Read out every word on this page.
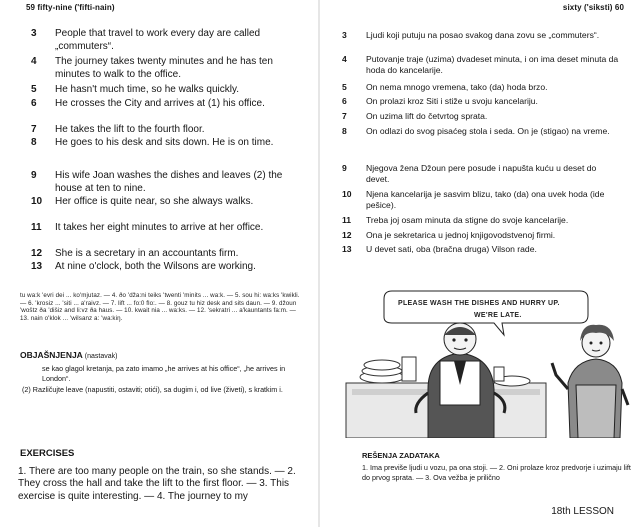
59 fifty-nine ('fifti-nain)
3	People that travel to work every day are called „commuters“.
4	The journey takes twenty minutes and he has ten minutes to walk to the office.
5	He hasn't much time, so he walks quickly.
6	He crosses the City and arrives at (1) his office.
7	He takes the lift to the fourth floor.
8	He goes to his desk and sits down. He is on time.
9	His wife Joan washes the dishes and leaves (2) the house at ten to nine.
10	Her office is quite near, so she always walks.
11	It takes her eight minutes to arrive at her office.
12	She is a secretary in an accountants firm.
13	At nine o'clock, both the Wilsons are working.
tu wa:k 'evri dei ... ko'mjutaz. — 4. ðo 'dža:ni teiks 'twenti 'minits ... wa:k. — 5. sou hi: wa:ks 'kwikli. — 6. 'krosiz ... 'siti ... a'raivz. — 7. lift ... fo:0 flo:. — 8. gouz tu hiz desk and sits daun. — 9. džoun 'woštz ða 'dišiz and li:vz ða haus. — 10. kwait nia ... wa:ks. — 12. 'sekratri ... a'kauntants fa:m. — 13. nain o'klok ... 'wilsanz a: 'wa:kiŋ.
OBJAŠNJENJA (nastavak)
se kao glagol kretanja, pa zato imamo „he arrives at his office“, „he arrives in London“.
(2) Različujte leave (napustiti, ostaviti; otići), sa dugim i, od live (živeti), s kratkim i.
EXERCISES
1. There are too many people on the train, so she stands. — 2. They cross the hall and take the lift to the first floor. — 3. This exercise is quite interesting. — 4. The journey to my
sixty ('siksti) 60
3	Ljudi koji putuju na posao svakog dana zovu se „commuters“.
4	Putovanje traje (uzima) dvadeset minuta, i on ima deset minuta da hoda do kancelarije.
5	On nema mnogo vremena, tako (da) hoda brzo.
6	On prolazi kroz Siti i stiže u svoju kancelariju.
7	On uzima lift do četvrtog sprata.
8	On odlazi do svog pisaćeg stola i seda. On je (stigao) na vreme.
9	Njegova žena Džoun pere posude i napušta kuću u deset do devet.
10	Njena kancelarija je sasvim blizu, tako (da) ona uvek hoda (ide pešice).
11	Treba joj osam minuta da stigne do svoje kancelarije.
12	Ona je sekretarica u jednoj knjigovodstvenoj firmi.
13	U devet sati, oba (bračna druga) Vilson rade.
PLEASE WASH THE DISHES AND HURRY UP.
WE'RE LATE.
REŠENJA ZADATAKA
1. Ima previše ljudi u vozu, pa ona stoji. — 2. Oni prolaze kroz predvorje i uzimaju lift do prvog sprata. — 3. Ova vežba je prilično
18th LESSON
